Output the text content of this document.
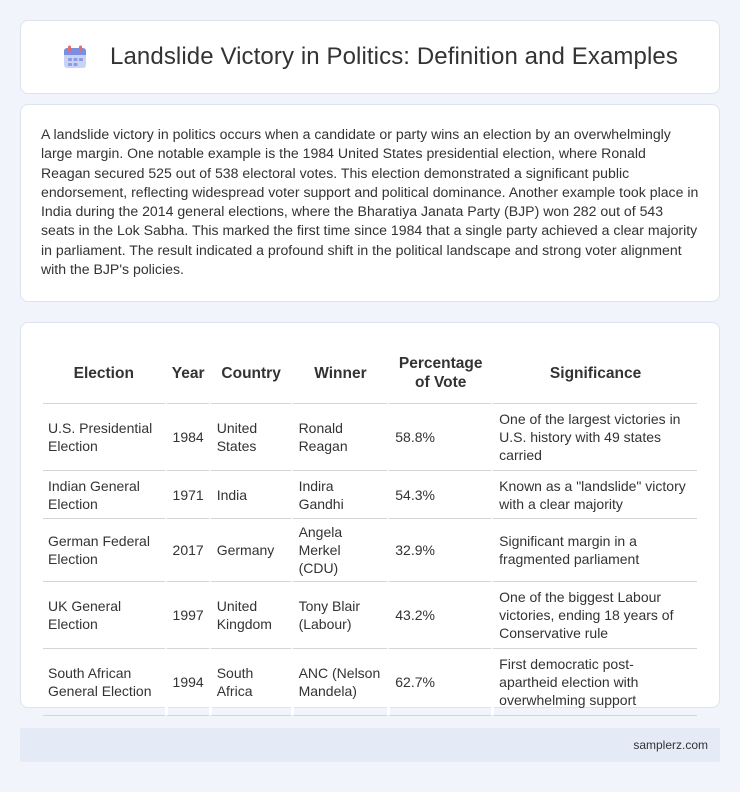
Landslide Victory in Politics: Definition and Examples

A landslide victory in politics occurs when a candidate or party wins an election by an overwhelmingly large margin. One notable example is the 1984 United States presidential election, where Ronald Reagan secured 525 out of 538 electoral votes. This election demonstrated a significant public endorsement, reflecting widespread voter support and political dominance. Another example took place in India during the 2014 general elections, where the Bharatiya Janata Party (BJP) won 282 out of 543 seats in the Lok Sabha. This marked the first time since 1984 that a single party achieved a clear majority in parliament. The result indicated a profound shift in the political landscape and strong voter alignment with the BJP's policies.

Election	Year	Country	Winner	Percentage of Vote	Significance
U.S. Presidential Election	1984	United States	Ronald Reagan	58.8%	One of the largest victories in U.S. history with 49 states carried
Indian General Election	1971	India	Indira Gandhi	54.3%	Known as a "landslide" victory with a clear majority
German Federal Election	2017	Germany	Angela Merkel (CDU)	32.9%	Significant margin in a fragmented parliament
UK General Election	1997	United Kingdom	Tony Blair (Labour)	43.2%	One of the biggest Labour victories, ending 18 years of Conservative rule
South African General Election	1994	South Africa	ANC (Nelson Mandela)	62.7%	First democratic post-apartheid election with overwhelming support
samplerz.com
